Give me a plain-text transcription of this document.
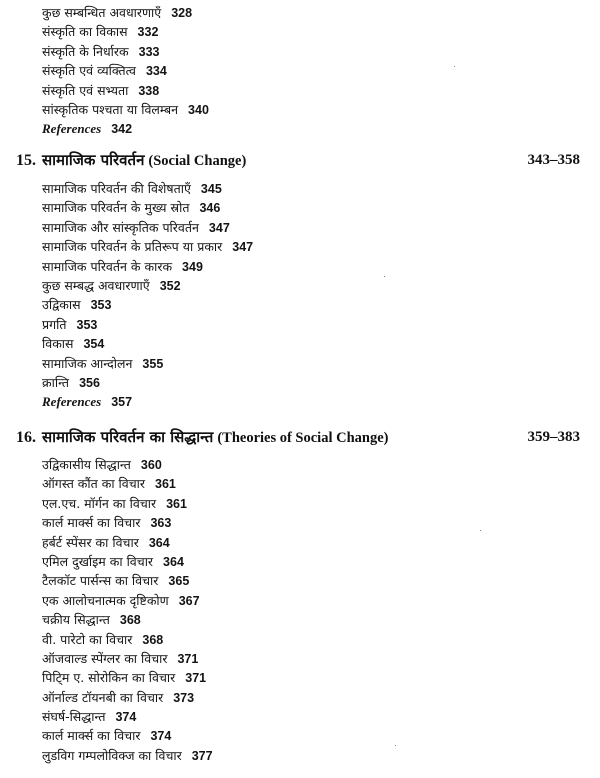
कुछ सम्बन्धित अवधारणाएँ 328
संस्कृति का विकास 332
संस्कृति के निर्धारक 333
संस्कृति एवं व्यक्तित्व 334
संस्कृति एवं सभ्यता 338
सांस्कृतिक पश्चता या विलम्बन 340
References 342
15. सामाजिक परिवर्तन (Social Change)	343–358
सामाजिक परिवर्तन की विशेषताएँ 345
सामाजिक परिवर्तन के मुख्य स्रोत 346
सामाजिक और सांस्कृतिक परिवर्तन 347
सामाजिक परिवर्तन के प्रतिरूप या प्रकार 347
सामाजिक परिवर्तन के कारक 349
कुछ सम्बद्ध अवधारणाएँ 352
उद्विकास 353
प्रगति 353
विकास 354
सामाजिक आन्दोलन 355
क्रान्ति 356
References 357
16. सामाजिक परिवर्तन का सिद्धान्त (Theories of Social Change)	359–383
उद्विकासीय सिद्धान्त 360
ऑगस्त कौंत का विचार 361
एल.एच. मॉर्गन का विचार 361
कार्ल मार्क्स का विचार 363
हर्बर्ट स्पेंसर का विचार 364
एमिल दुर्खाइम का विचार 364
टैलकॉट पार्सन्स का विचार 365
एक आलोचनात्मक दृष्टिकोण 367
चक्रीय सिद्धान्त 368
वी. पारेटो का विचार 368
ऑजवाल्ड स्पेंग्लर का विचार 371
पिटि्म ए. सोरोकिन का विचार 371
ऑर्नाल्ड टॉयनबी का विचार 373
संघर्ष-सिद्धान्त 374
कार्ल मार्क्स का विचार 374
लुडविग गम्पलोविक्ज का विचार 377
